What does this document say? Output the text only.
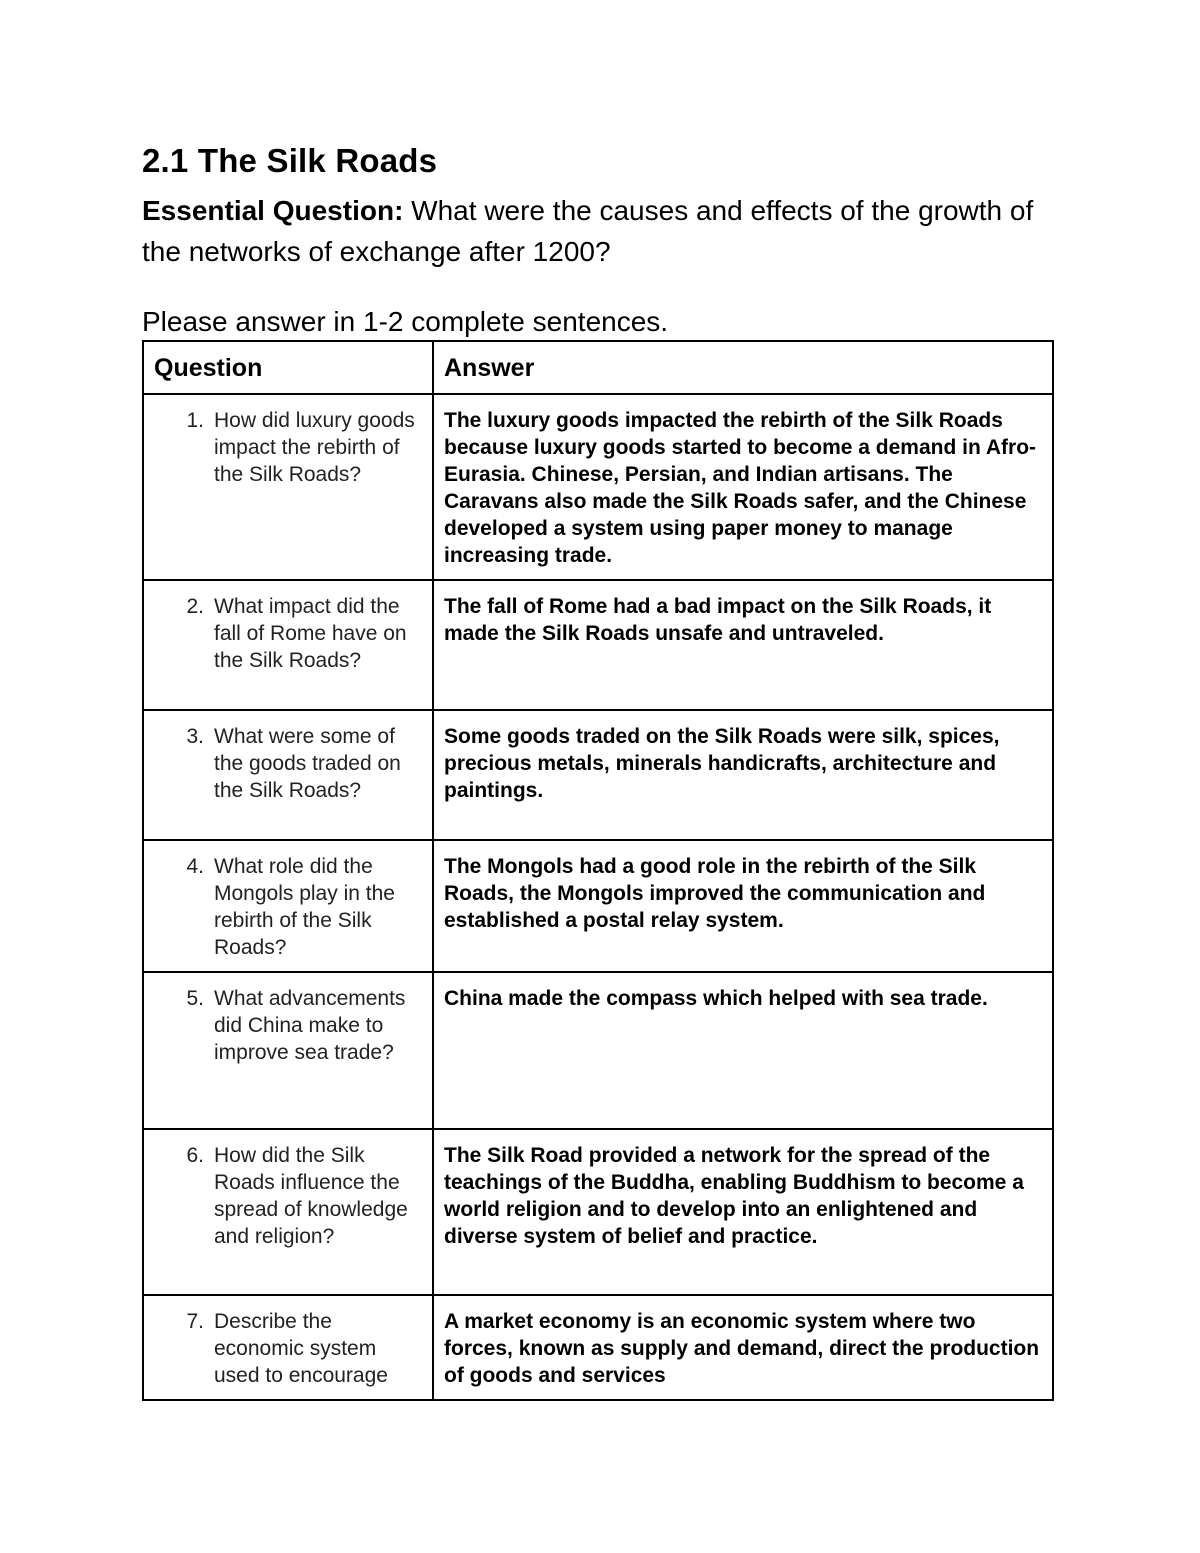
2.1 The Silk Roads

Essential Question: What were the causes and effects of the growth of the networks of exchange after 1200?

Please answer in 1-2 complete sentences.

Question	Answer

1. How did luxury goods impact the rebirth of the Silk Roads?	The luxury goods impacted the rebirth of the Silk Roads because luxury goods started to become a demand in Afro-Eurasia. Chinese, Persian, and Indian artisans. The Caravans also made the Silk Roads safer, and the Chinese developed a system using paper money to manage increasing trade.

2. What impact did the fall of Rome have on the Silk Roads?	The fall of Rome had a bad impact on the Silk Roads, it made the Silk Roads unsafe and untraveled.

3. What were some of the goods traded on the Silk Roads?	Some goods traded on the Silk Roads were silk, spices, precious metals, minerals handicrafts, architecture and paintings.

4. What role did the Mongols play in the rebirth of the Silk Roads?	The Mongols had a good role in the rebirth of the Silk Roads, the Mongols improved the communication and established a postal relay system.

5. What advancements did China make to improve sea trade?	China made the compass which helped with sea trade.

6. How did the Silk Roads influence the spread of knowledge and religion?	The Silk Road provided a network for the spread of the teachings of the Buddha, enabling Buddhism to become a world religion and to develop into an enlightened and diverse system of belief and practice.

7. Describe the economic system used to encourage	A market economy is an economic system where two forces, known as supply and demand, direct the production of goods and services
